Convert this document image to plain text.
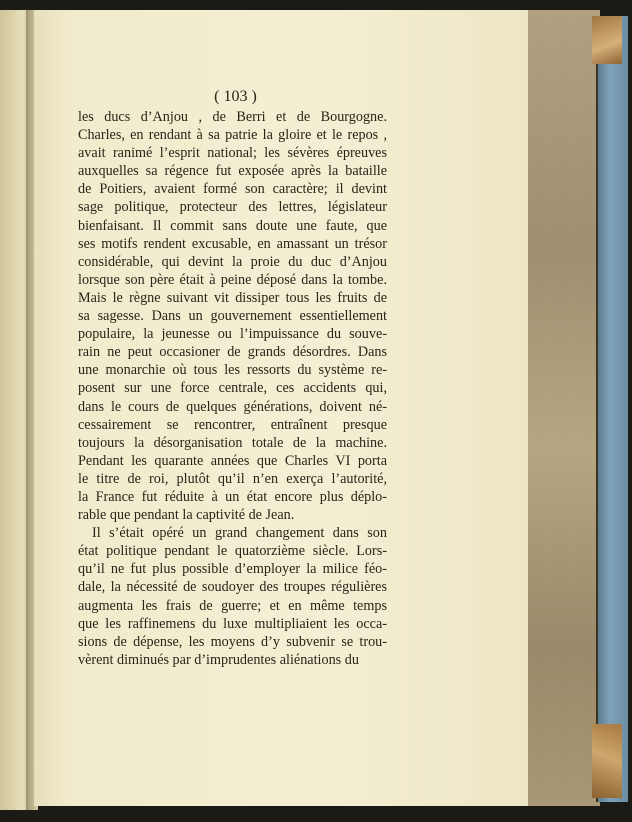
( 103 )
les ducs d’Anjou , de Berri et de Bourgogne.
Charles, en rendant à sa patrie la gloire et le repos ,
avait ranimé l’esprit national; les sévères épreuves
auxquelles sa régence fut exposée après la bataille
de Poitiers, avaient formé son caractère; il devint
sage politique, protecteur des lettres, législateur
bienfaisant. Il commit sans doute une faute, que
ses motifs rendent excusable, en amassant un trésor
considérable, qui devint la proie du duc d’Anjou
lorsque son père était à peine déposé dans la tombe.
Mais le règne suivant vit dissiper tous les fruits de
sa sagesse. Dans un gouvernement essentiellement
populaire, la jeunesse ou l’impuissance du souve-
rain ne peut occasioner de grands désordres. Dans
une monarchie où tous les ressorts du système re-
posent sur une force centrale, ces accidents qui,
dans le cours de quelques générations, doivent né-
cessairement se rencontrer, entraînent presque
toujours la désorganisation totale de la machine.
Pendant les quarante années que Charles VI porta
le titre de roi, plutôt qu’il n’en exerça l’autorité,
la France fut réduite à un état encore plus déplo-
rable que pendant la captivité de Jean.
Il s’était opéré un grand changement dans son
état politique pendant le quatorzième siècle. Lors-
qu’il ne fut plus possible d’employer la milice féo-
dale, la nécessité de soudoyer des troupes régulières
augmenta les frais de guerre; et en même temps
que les raffinemens du luxe multipliaient les occa-
sions de dépense, les moyens d’y subvenir se trou-
vèrent diminués par d’imprudentes aliénations du
